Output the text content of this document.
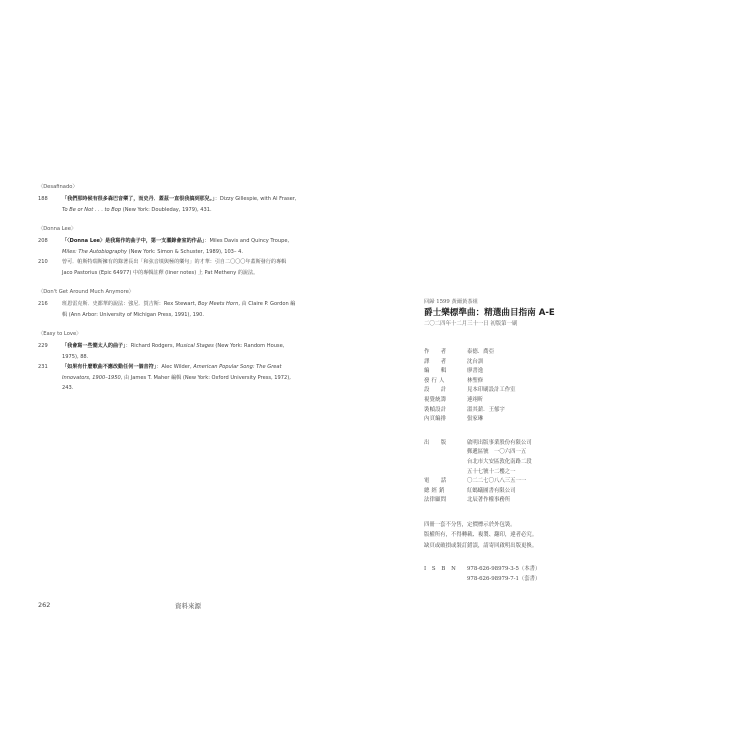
〈Desafinado〉
188	「我們那時候有很多森巴音樂了，而史丹．蓋茲一直很我搞到那兒。」：Dizzy Gillespie, with Al Fraser, To Be or Not . . . to Bop (New York: Doubleday, 1979), 431.
〈Donna Lee〉
208	「〈Donna Lee〉是我寫作的曲子中，第一支灌錄會室的作品」：Miles Davis and Quincy Troupe, Miles: The Autobiography (New York: Simon & Schuster, 1989), 103– 4.
210	曾可．帕斯特瑞斯擁有的錄著長出「和弦音填與極的樂句」的才華：引自二〇〇〇年蓋斯發行的專輯 Jaco Pastorius (Epic 64977) 中的專輯註釋 (liner notes) 上 Pat Metheny 的說法。
〈Don't Get Around Much Anymore〉
216	班恩雷克斯．史都華的說法：強尼．賀吉斯：Rex Stewart, Boy Meets Horn, 由 Claire P. Gordon 編輯 (Ann Arbor: University of Michigan Press, 1991), 190.
〈Easy to Love〉
229	「我會寫一些簡太人的曲子」：Richard Rodgers, Musical Stages (New York: Random House, 1975), 88.
231	「如果有什麼歌曲不應改動任何一個音符」：Alec Wilder, American Popular Song: The Great Innovators, 1900–1950, 由 James T. Maher 編輯 (New York: Oxford University Press, 1972), 243.
262	資料來源
回歸 1599 黃爾黃茶組
爵士樂標準曲：精選曲目指南 A-E
二〇二四年十二月三十一日 初版第一刷
作　　者	泰德．喬亞
譯　　者	沈台訓
編　　輯	廖書逸
發 行 人	林聖修
設　　計	見本印刷設計工作室
視覺統籌	連翊昕
裝幀設計	溫其薪．王郁宇
內頁編排	張家琳
出　　版	啟明出版事業股份有限公司
郵遞區號　一〇六四一五
台北市大安區敦化南路二段
五十七號十二樓之一
電　　話	〇二二七〇八八三五一一
總 經 銷	紅螞蟻圖書有限公司
法律顧問	北辰著作權事務所
四冊一套不分售，定價標示於外包裝。
版權所有，不得轉載、複製、翻印，違者必究。
缺頁或破損或裝訂錯誤，請寄回啟明出版更換。
I　S　B　N	978-626-98979-3-5（本書）
978-626-98979-7-1（套書）
